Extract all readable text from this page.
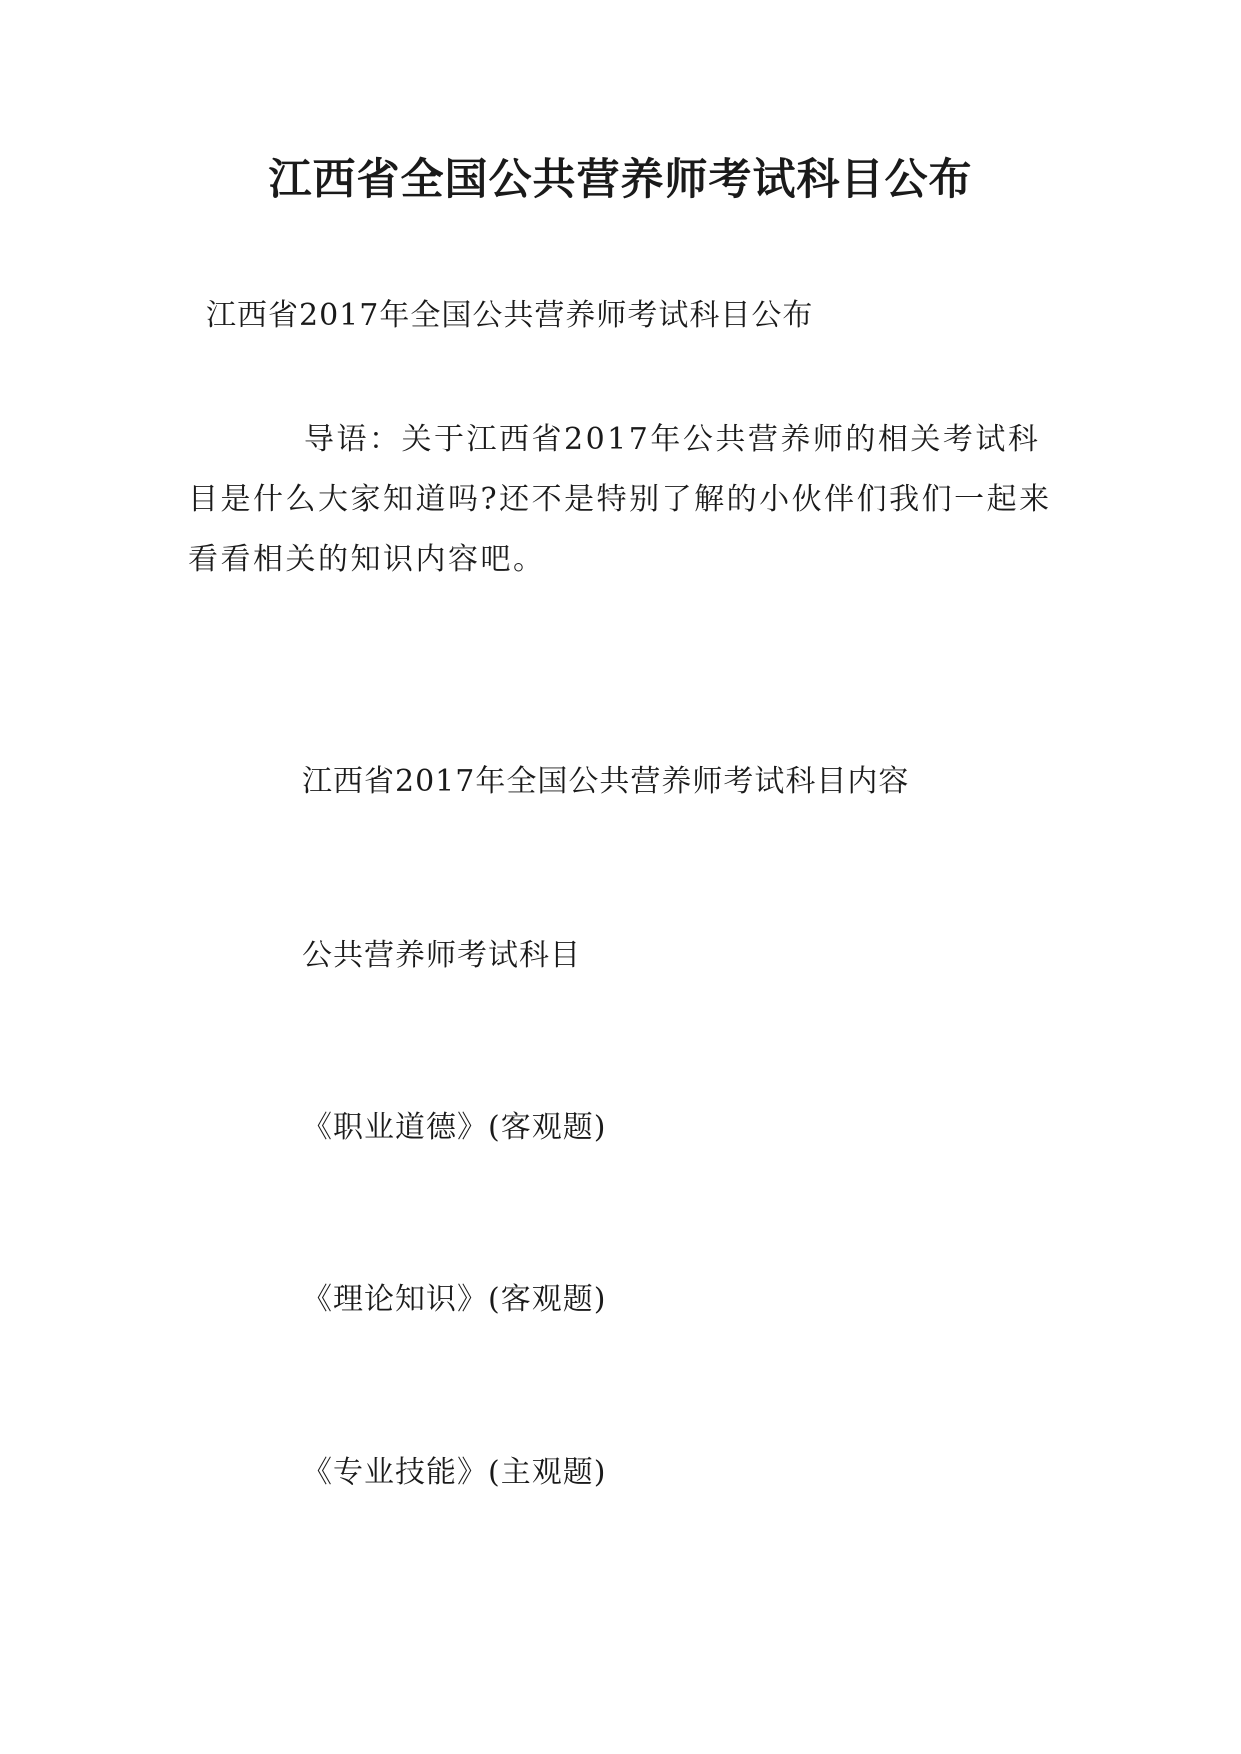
江西省全国公共营养师考试科目公布

江西省2017年全国公共营养师考试科目公布

导语：关于江西省2017年公共营养师的相关考试科目是什么大家知道吗?还不是特别了解的小伙伴们我们一起来看看相关的知识内容吧。

江西省2017年全国公共营养师考试科目内容

公共营养师考试科目

《职业道德》(客观题)

《理论知识》(客观题)

《专业技能》(主观题)
